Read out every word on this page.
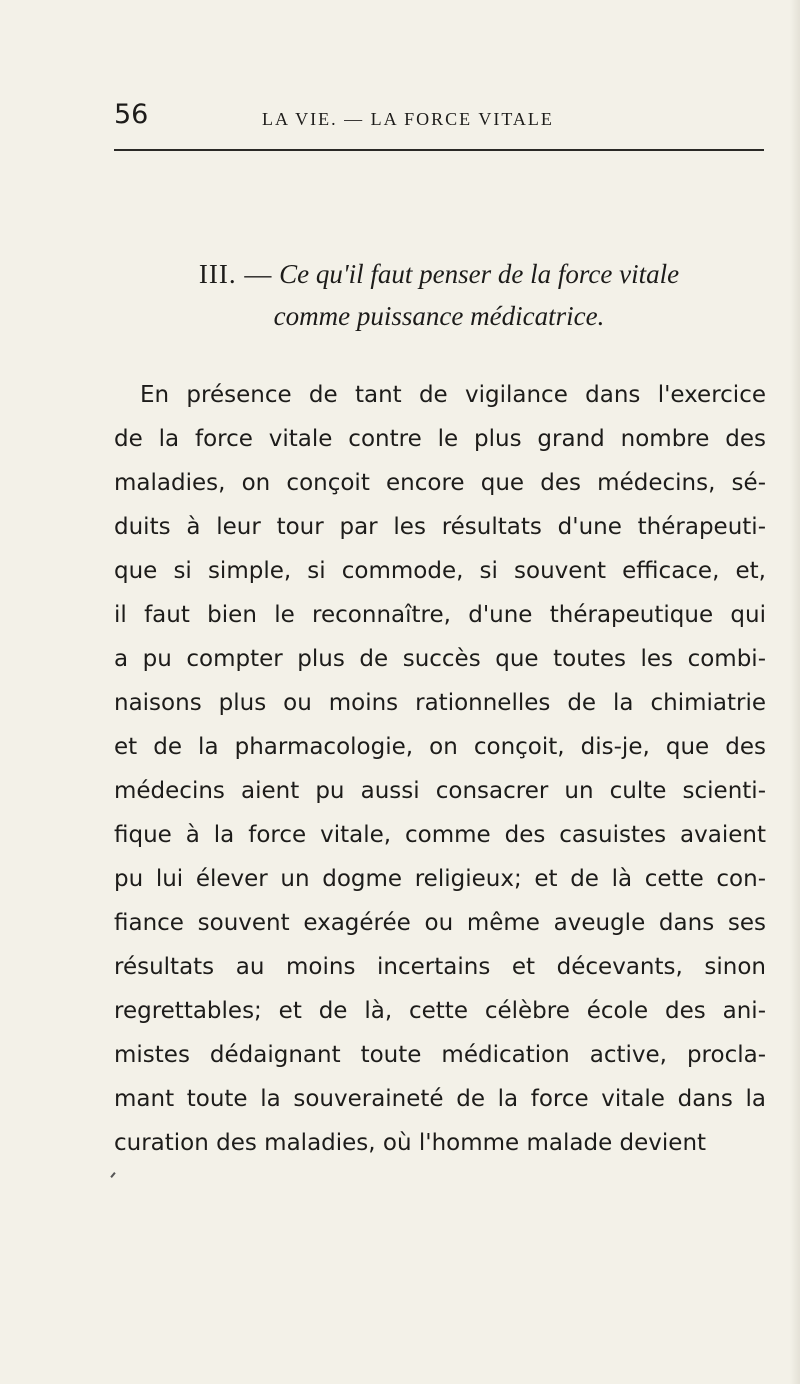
56	LA VIE. — LA FORCE VITALE
III. — Ce qu'il faut penser de la force vitale
comme puissance médicatrice.
En présence de tant de vigilance dans l'exercice
de la force vitale contre le plus grand nombre des
maladies, on conçoit encore que des médecins, sé-
duits à leur tour par les résultats d'une thérapeuti-
que si simple, si commode, si souvent efficace, et,
il faut bien le reconnaître, d'une thérapeutique qui
a pu compter plus de succès que toutes les combi-
naisons plus ou moins rationnelles de la chimiatrie
et de la pharmacologie, on conçoit, dis-je, que des
médecins aient pu aussi consacrer un culte scienti-
fique à la force vitale, comme des casuistes avaient
pu lui élever un dogme religieux; et de là cette con-
fiance souvent exagérée ou même aveugle dans ses
résultats au moins incertains et décevants, sinon
regrettables; et de là, cette célèbre école des ani-
mistes dédaignant toute médication active, procla-
mant toute la souveraineté de la force vitale dans la
curation des maladies, où l'homme malade devient
